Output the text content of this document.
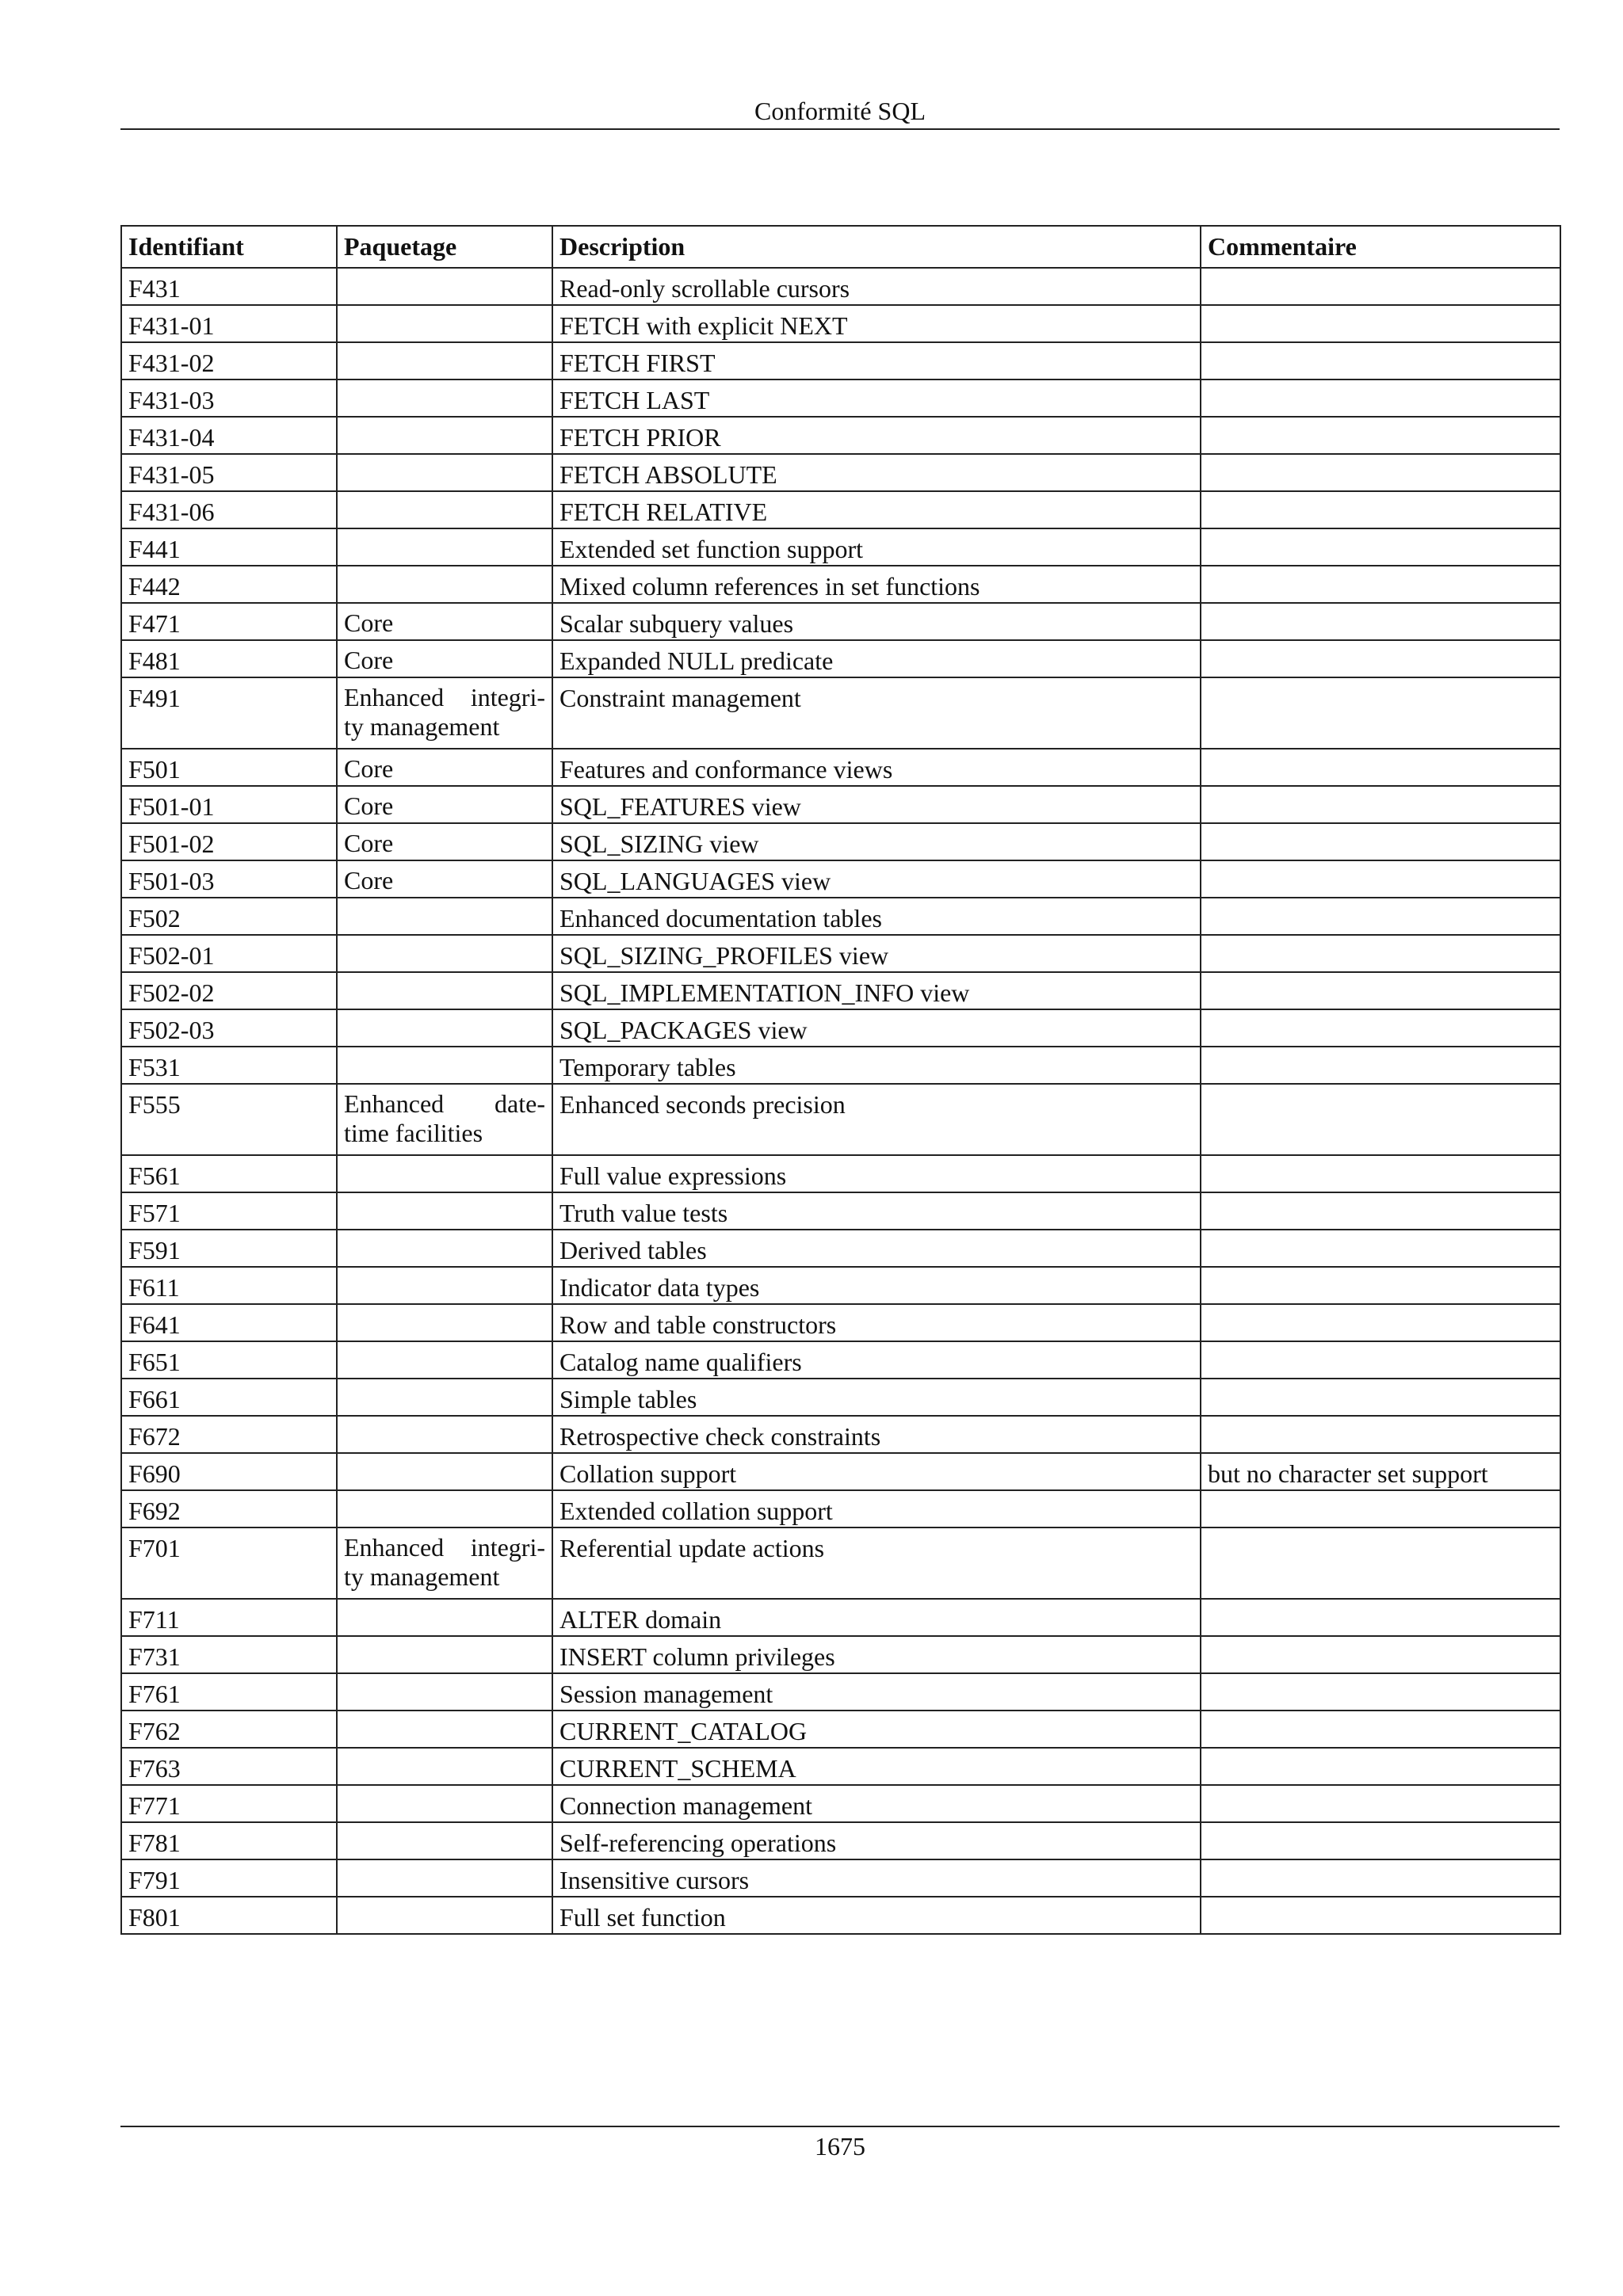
Conformité SQL
Identifiant	Paquetage	Description	Commentaire
F431		Read-only scrollable cursors	
F431-01		FETCH with explicit NEXT	
F431-02		FETCH FIRST	
F431-03		FETCH LAST	
F431-04		FETCH PRIOR	
F431-05		FETCH ABSOLUTE	
F431-06		FETCH RELATIVE	
F441		Extended set function support	
F442		Mixed column references in set functions	
F471	Core	Scalar subquery values	
F481	Core	Expanded NULL predicate	
F491	Enhanced integri- ty management	Constraint management	
F501	Core	Features and conformance views	
F501-01	Core	SQL_FEATURES view	
F501-02	Core	SQL_SIZING view	
F501-03	Core	SQL_LANGUAGES view	
F502		Enhanced documentation tables	
F502-01		SQL_SIZING_PROFILES view	
F502-02		SQL_IMPLEMENTATION_INFO view	
F502-03		SQL_PACKAGES view	
F531		Temporary tables	
F555	Enhanced date- time facilities	Enhanced seconds precision	
F561		Full value expressions	
F571		Truth value tests	
F591		Derived tables	
F611		Indicator data types	
F641		Row and table constructors	
F651		Catalog name qualifiers	
F661		Simple tables	
F672		Retrospective check constraints	
F690		Collation support	but no character set support
F692		Extended collation support	
F701	Enhanced integri- ty management	Referential update actions	
F711		ALTER domain	
F731		INSERT column privileges	
F761		Session management	
F762		CURRENT_CATALOG	
F763		CURRENT_SCHEMA	
F771		Connection management	
F781		Self-referencing operations	
F791		Insensitive cursors	
F801		Full set function	
1675
